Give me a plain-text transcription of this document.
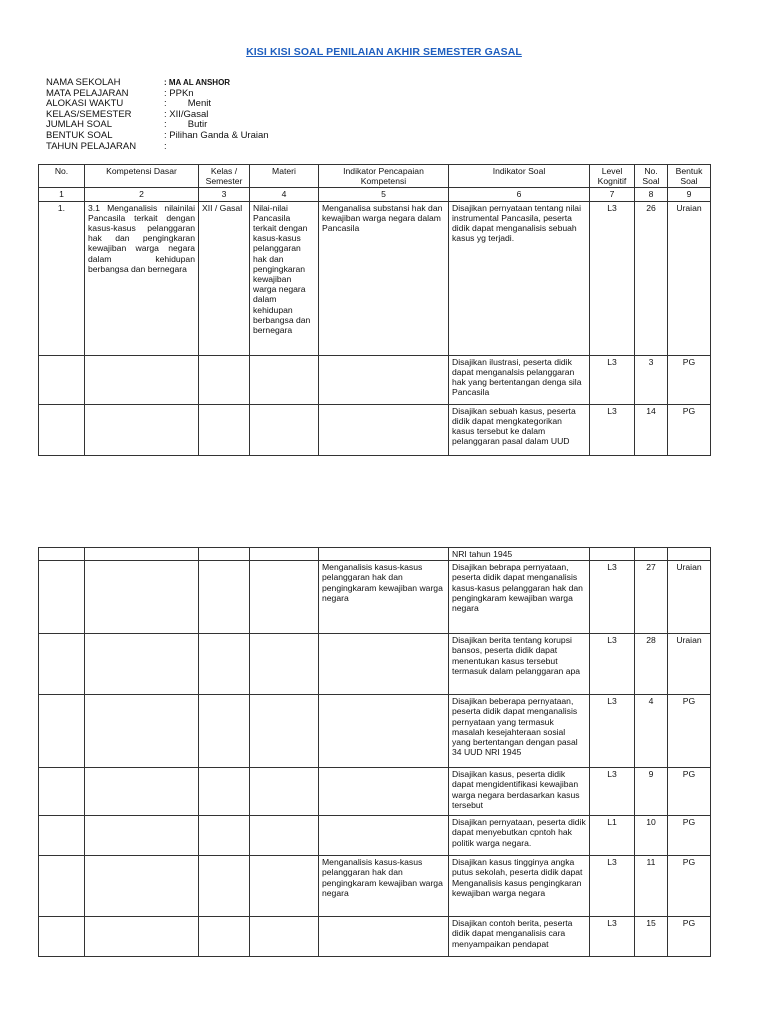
KISI KISI SOAL PENILAIAN AKHIR SEMESTER GASAL
NAMA SEKOLAH	: MA AL ANSHOR
MATA PELAJARAN	: PPKn
ALOKASI WAKTU	:        Menit
KELAS/SEMESTER	: XII/Gasal
JUMLAH SOAL	:        Butir
BENTUK SOAL	: Pilihan Ganda & Uraian
TAHUN PELAJARAN	:
No.	Kompetensi Dasar	Kelas / Semester	Materi	Indikator Pencapaian Kompetensi	Indikator Soal	Level Kognitif	No. Soal	Bentuk Soal
1	2	3	4	5	6	7	8	9
1.	3.1 Menganalisis nilainilai Pancasila terkait dengan kasus-kasus pelanggaran hak dan pengingkaran kewajiban warga negara dalam kehidupan berbangsa dan bernegara	XII / Gasal	Nilai-nilai Pancasila terkait dengan kasus-kasus pelanggaran hak dan pengingkaran kewajiban warga negara dalam kehidupan berbangsa dan bernegara	Menganalisa substansi hak dan kewajiban warga negara dalam Pancasila	Disajikan pernyataan tentang nilai instrumental Pancasila, peserta didik dapat menganalisis sebuah kasus yg terjadi.	L3	26	Uraian
					Disajikan ilustrasi, peserta didik dapat menganalsis pelanggaran hak yang bertentangan denga sila Pancasila	L3	3	PG
					Disajikan sebuah kasus, peserta didik dapat mengkategorikan kasus tersebut ke dalam pelanggaran pasal dalam UUD	L3	14	PG
					NRI tahun 1945			
				Menganalisis kasus-kasus pelanggaran hak dan pengingkaram kewajiban warga negara	Disajikan bebrapa pernyataan, peserta didik dapat menganalisis kasus-kasus pelanggaran hak dan pengingkaram kewajiban warga negara	L3	27	Uraian
					Disajikan berita tentang korupsi bansos, peserta didik dapat menentukan kasus tersebut termasuk dalam pelanggaran apa	L3	28	Uraian
					Disajikan beberapa pernyataan, peserta didik dapat menganalisis pernyataan yang termasuk masalah kesejahteraan sosial yang bertentangan dengan pasal 34 UUD NRI 1945	L3	4	PG
					Disajikan kasus, peserta didik dapat mengidentifikasi kewajiban warga negara berdasarkan kasus tersebut	L3	9	PG
					Disajikan pernyataan, peserta didik dapat menyebutkan cpntoh hak politik warga negara.	L1	10	PG
				Menganalisis kasus-kasus pelanggaran hak dan pengingkaram kewajiban warga negara	Disajikan kasus tingginya angka putus sekolah, peserta didik dapat Menganalisis kasus pengingkaran kewajiban warga negara	L3	11	PG
					Disajikan contoh berita, peserta didik dapat menganalisis cara menyampaikan pendapat	L3	15	PG
